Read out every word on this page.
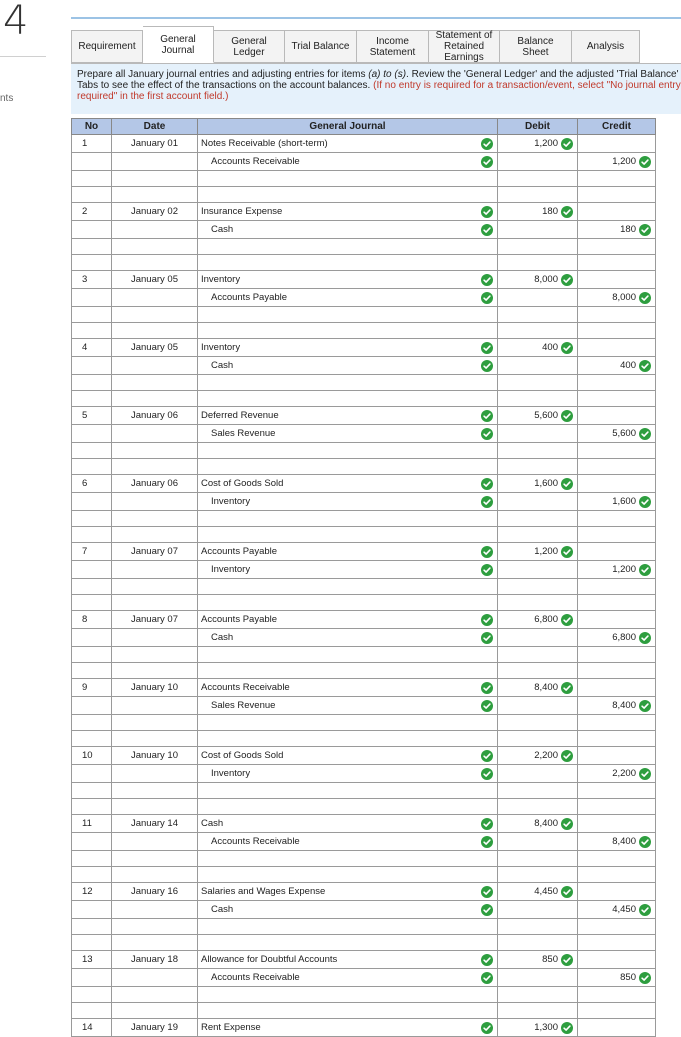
4
nts
Requirement
General Journal
General Ledger	Trial Balance	Income Statement
Statement of Retained Earnings
Balance Sheet	Analysis
Prepare all January journal entries and adjusting entries for items (a) to (s). Review the 'General Ledger' and the adjusted 'Trial Balance' Tabs to see the effect of the transactions on the account balances. (If no entry is required for a transaction/event, select "No journal entry required" in the first account field.)
No	Date	General Journal	Debit	Credit
1	January 01	Notes Receivable (short-term)	1,200	

		Accounts Receivable		1,200

2	January 02	Insurance Expense	180	

		Cash		180

3	January 05	Inventory	8,000	

		Accounts Payable		8,000

4	January 05	Inventory	400	

		Cash		400

5	January 06	Deferred Revenue	5,600	

		Sales Revenue		5,600

6	January 06	Cost of Goods Sold	1,600	

		Inventory		1,600

7	January 07	Accounts Payable	1,200	

		Inventory		1,200

8	January 07	Accounts Payable	6,800	

		Cash		6,800

9	January 10	Accounts Receivable	8,400	

		Sales Revenue		8,400

10	January 10	Cost of Goods Sold	2,200	

		Inventory		2,200

11	January 14	Cash	8,400	

		Accounts Receivable		8,400

12	January 16	Salaries and Wages Expense	4,450	

		Cash		4,450

13	January 18	Allowance for Doubtful Accounts	850	

		Accounts Receivable		850

14	January 19	Rent Expense	1,300	
